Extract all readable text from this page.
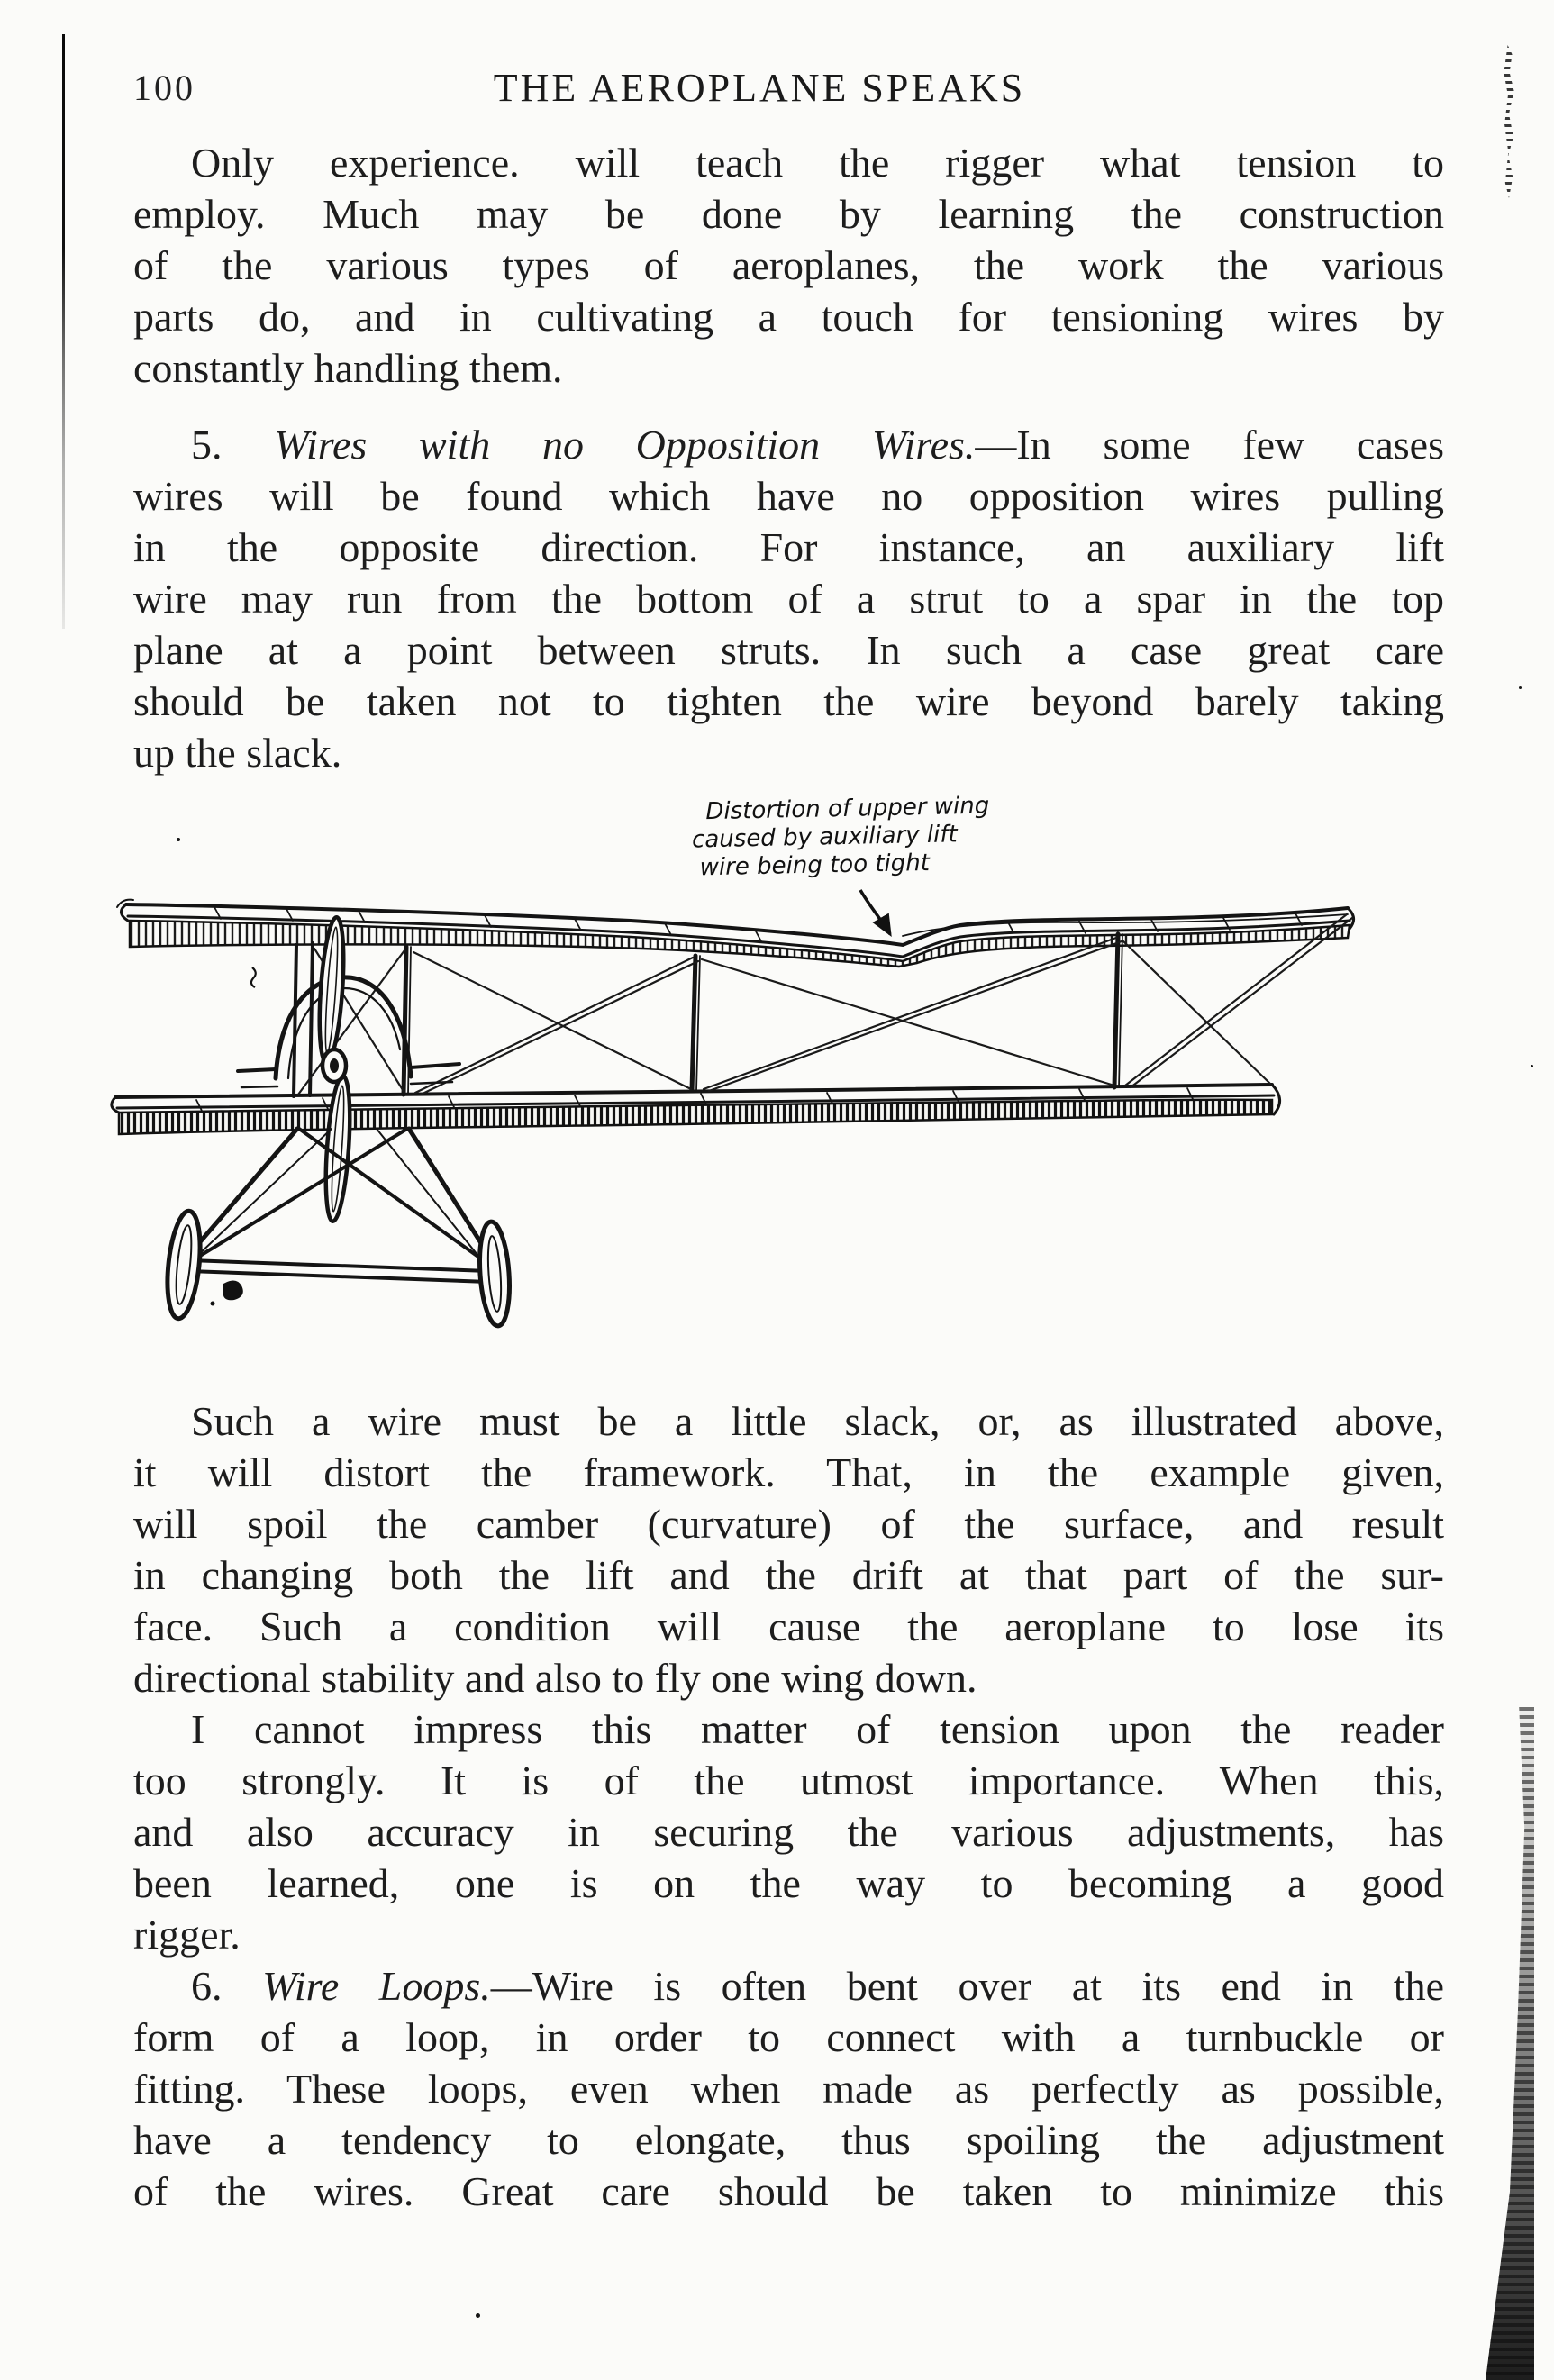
100	THE AEROPLANE SPEAKS
Only experience. will teach the rigger what tension to
employ. Much may be done by learning the construction
of the various types of aeroplanes, the work the various
parts do, and in cultivating a touch for tensioning wires by
constantly handling them.
5. Wires with no Opposition Wires.—In some few cases
wires will be found which have no opposition wires pulling
in the opposite direction. For instance, an auxiliary lift
wire may run from the bottom of a strut to a spar in the top
plane at a point between struts. In such a case great care
should be taken not to tighten the wire beyond barely taking
up the slack.
Distortion of upper wing
caused by auxiliary lift
wire being too tight
Such a wire must be a little slack, or, as illustrated above,
it will distort the framework. That, in the example given,
will spoil the camber (curvature) of the surface, and result
in changing both the lift and the drift at that part of the sur-
face. Such a condition will cause the aeroplane to lose its
directional stability and also to fly one wing down.
I cannot impress this matter of tension upon the reader
too strongly. It is of the utmost importance. When this,
and also accuracy in securing the various adjustments, has
been learned, one is on the way to becoming a good
rigger.
6. Wire Loops.—Wire is often bent over at its end in the
form of a loop, in order to connect with a turnbuckle or
fitting. These loops, even when made as perfectly as possible,
have a tendency to elongate, thus spoiling the adjustment
of the wires. Great care should be taken to minimize this
